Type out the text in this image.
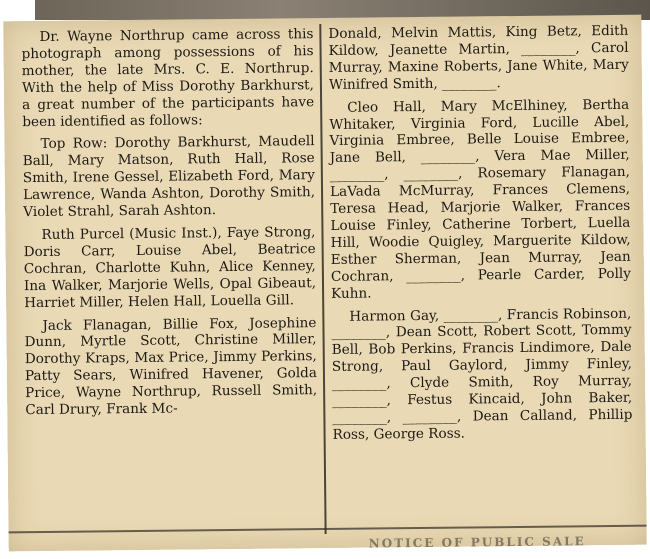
Dr. Wayne Northrup came across this photograph among possessions of his mother, the late Mrs. C. E. Northrup. With the help of Miss Dorothy Barkhurst, a great number of the participants have been identified as follows:

Top Row: Dorothy Barkhurst, Maudell Ball, Mary Matson, Ruth Hall, Rose Smith, Irene Gessel, Elizabeth Ford, Mary Lawrence, Wanda Ashton, Dorothy Smith, Violet Strahl, Sarah Ashton.

Ruth Purcel (Music Inst.), Faye Strong, Doris Carr, Louise Abel, Beatrice Cochran, Charlotte Kuhn, Alice Kenney, Ina Walker, Marjorie Wells, Opal Gibeaut, Harriet Miller, Helen Hall, Louella Gill.

Jack Flanagan, Billie Fox, Josephine Dunn, Myrtle Scott, Christine Miller, Dorothy Kraps, Max Price, Jimmy Perkins, Patty Sears, Winifred Havener, Golda Price, Wayne Northrup, Russell Smith, Carl Drury, Frank Mc-

Donald, Melvin Mattis, King Betz, Edith Kildow, Jeanette Martin, ________, Carol Murray, Maxine Roberts, Jane White, Mary Winifred Smith, ________.

Cleo Hall, Mary McElhiney, Bertha Whitaker, Virginia Ford, Lucille Abel, Virginia Embree, Belle Louise Embree, Jane Bell, ________, Vera Mae Miller, ________, ________, Rosemary Flanagan, LaVada McMurray, Frances Clemens, Teresa Head, Marjorie Walker, Frances Louise Finley, Catherine Torbert, Luella Hill, Woodie Quigley, Marguerite Kildow, Esther Sherman, Jean Murray, Jean Cochran, ________, Pearle Carder, Polly Kuhn.

Harmon Gay, ________, Francis Robinson, ________, Dean Scott, Robert Scott, Tommy Bell, Bob Perkins, Francis Lindimore, Dale Strong, Paul Gaylord, Jimmy Finley, ________, Clyde Smith, Roy Murray, ________, Festus Kincaid, John Baker, ________, ________, Dean Calland, Phillip Ross, George Ross.

NOTICE OF PUBLIC SALE
